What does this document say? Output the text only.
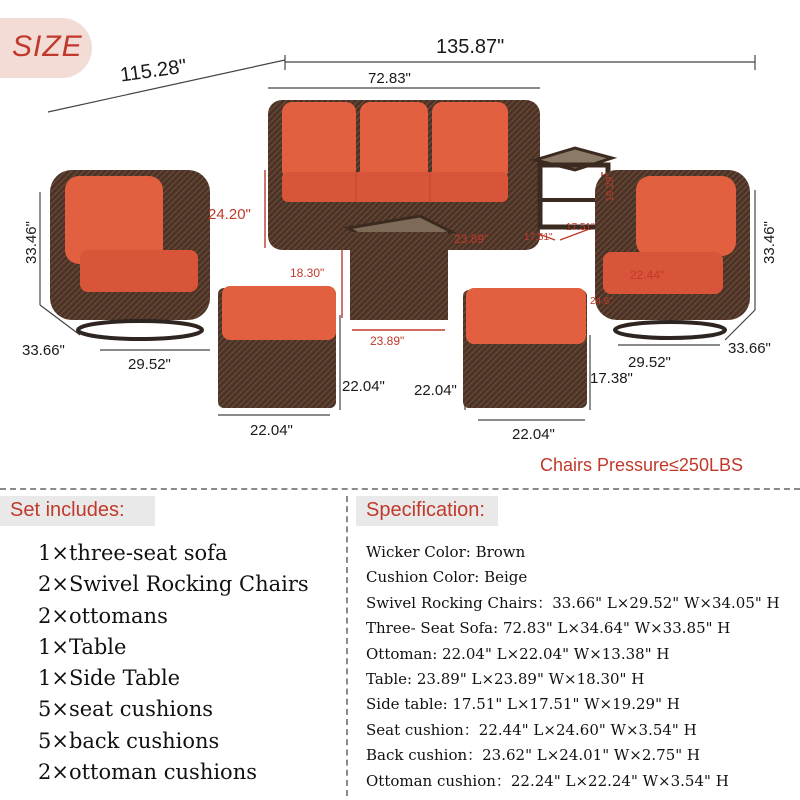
SIZE	135.87"
115.28"	72.83"
24.20"
23.89"
23.89"
18.30"
19.29"
17.51"
17.51"
33.46"
33.66"
29.52"
33.46"
33.66"
29.52"
22.44"
24.6"
22.04"
22.04"
22.04"
17.38"
22.04"
Chairs Pressure≤250LBS
Set includes:
1×three-seat sofa
2×Swivel Rocking Chairs
2×ottomans
1×Table
1×Side Table
5×seat cushions
5×back cushions
2×ottoman cushions
Specification:
Wicker Color: Brown
Cushion Color: Beige
Swivel Rocking Chairs：33.66" L×29.52" W×34.05" H
Three- Seat Sofa: 72.83" L×34.64" W×33.85" H
Ottoman: 22.04" L×22.04" W×13.38" H
Table: 23.89" L×23.89" W×18.30" H
Side table: 17.51" L×17.51" W×19.29" H
Seat cushion：22.44" L×24.60" W×3.54" H
Back cushion：23.62" L×24.01" W×2.75" H
Ottoman cushion：22.24" L×22.24" W×3.54" H
